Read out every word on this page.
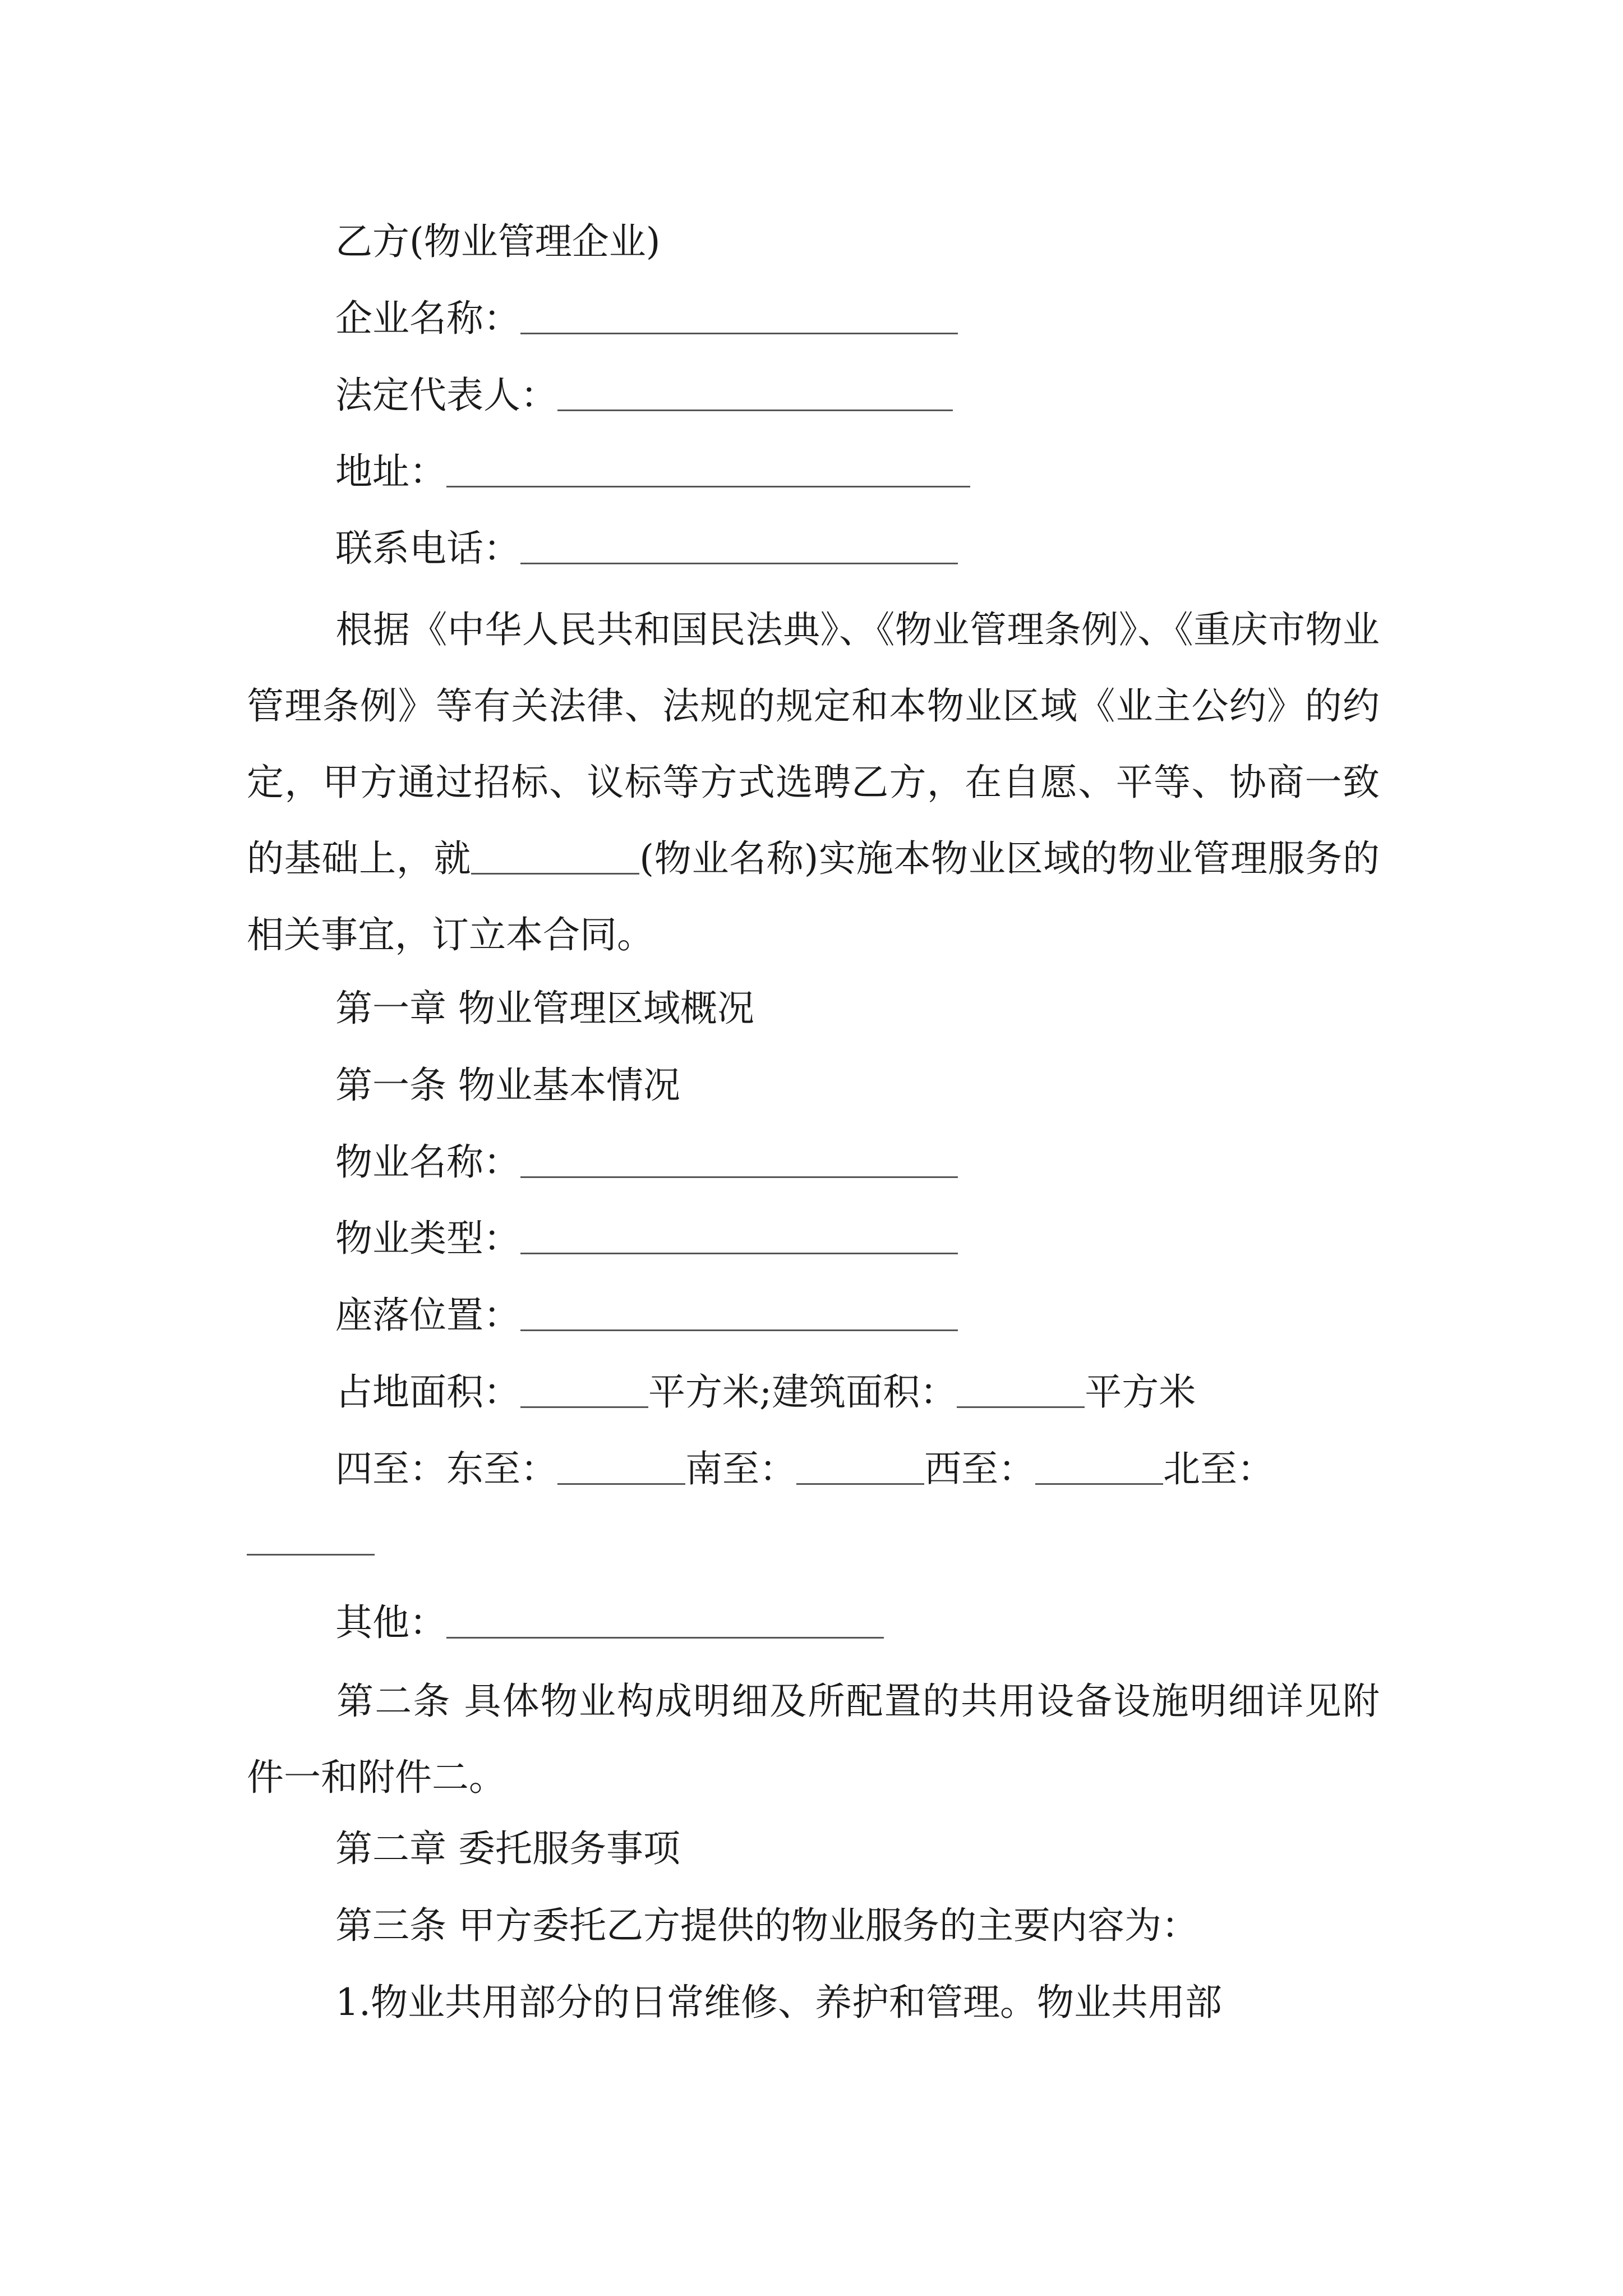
乙方(物业管理企业)
企业名称：
法定代表人：
地址：
联系电话：
根据《中华人民共和国民法典》、《物业管理条例》、《重庆市物业管理条例》等有关法律、法规的规定和本物业区域《业主公约》的约定，甲方通过招标、议标等方式选聘乙方，在自愿、平等、协商一致的基础上，就	(物业名称)实施本物业区域的物业管理服务的相关事宜，订立本合同。
第一章 物业管理区域概况
第一条 物业基本情况
物业名称：
物业类型：
座落位置：
占地面积：	平方米;建筑面积：	平方米
四至：东至：	南至：	西至：	北至：
其他：
第二条 具体物业构成明细及所配置的共用设备设施明细详见附件一和附件二。
第二章 委托服务事项
第三条 甲方委托乙方提供的物业服务的主要内容为：
1.物业共用部分的日常维修、养护和管理。物业共用部
